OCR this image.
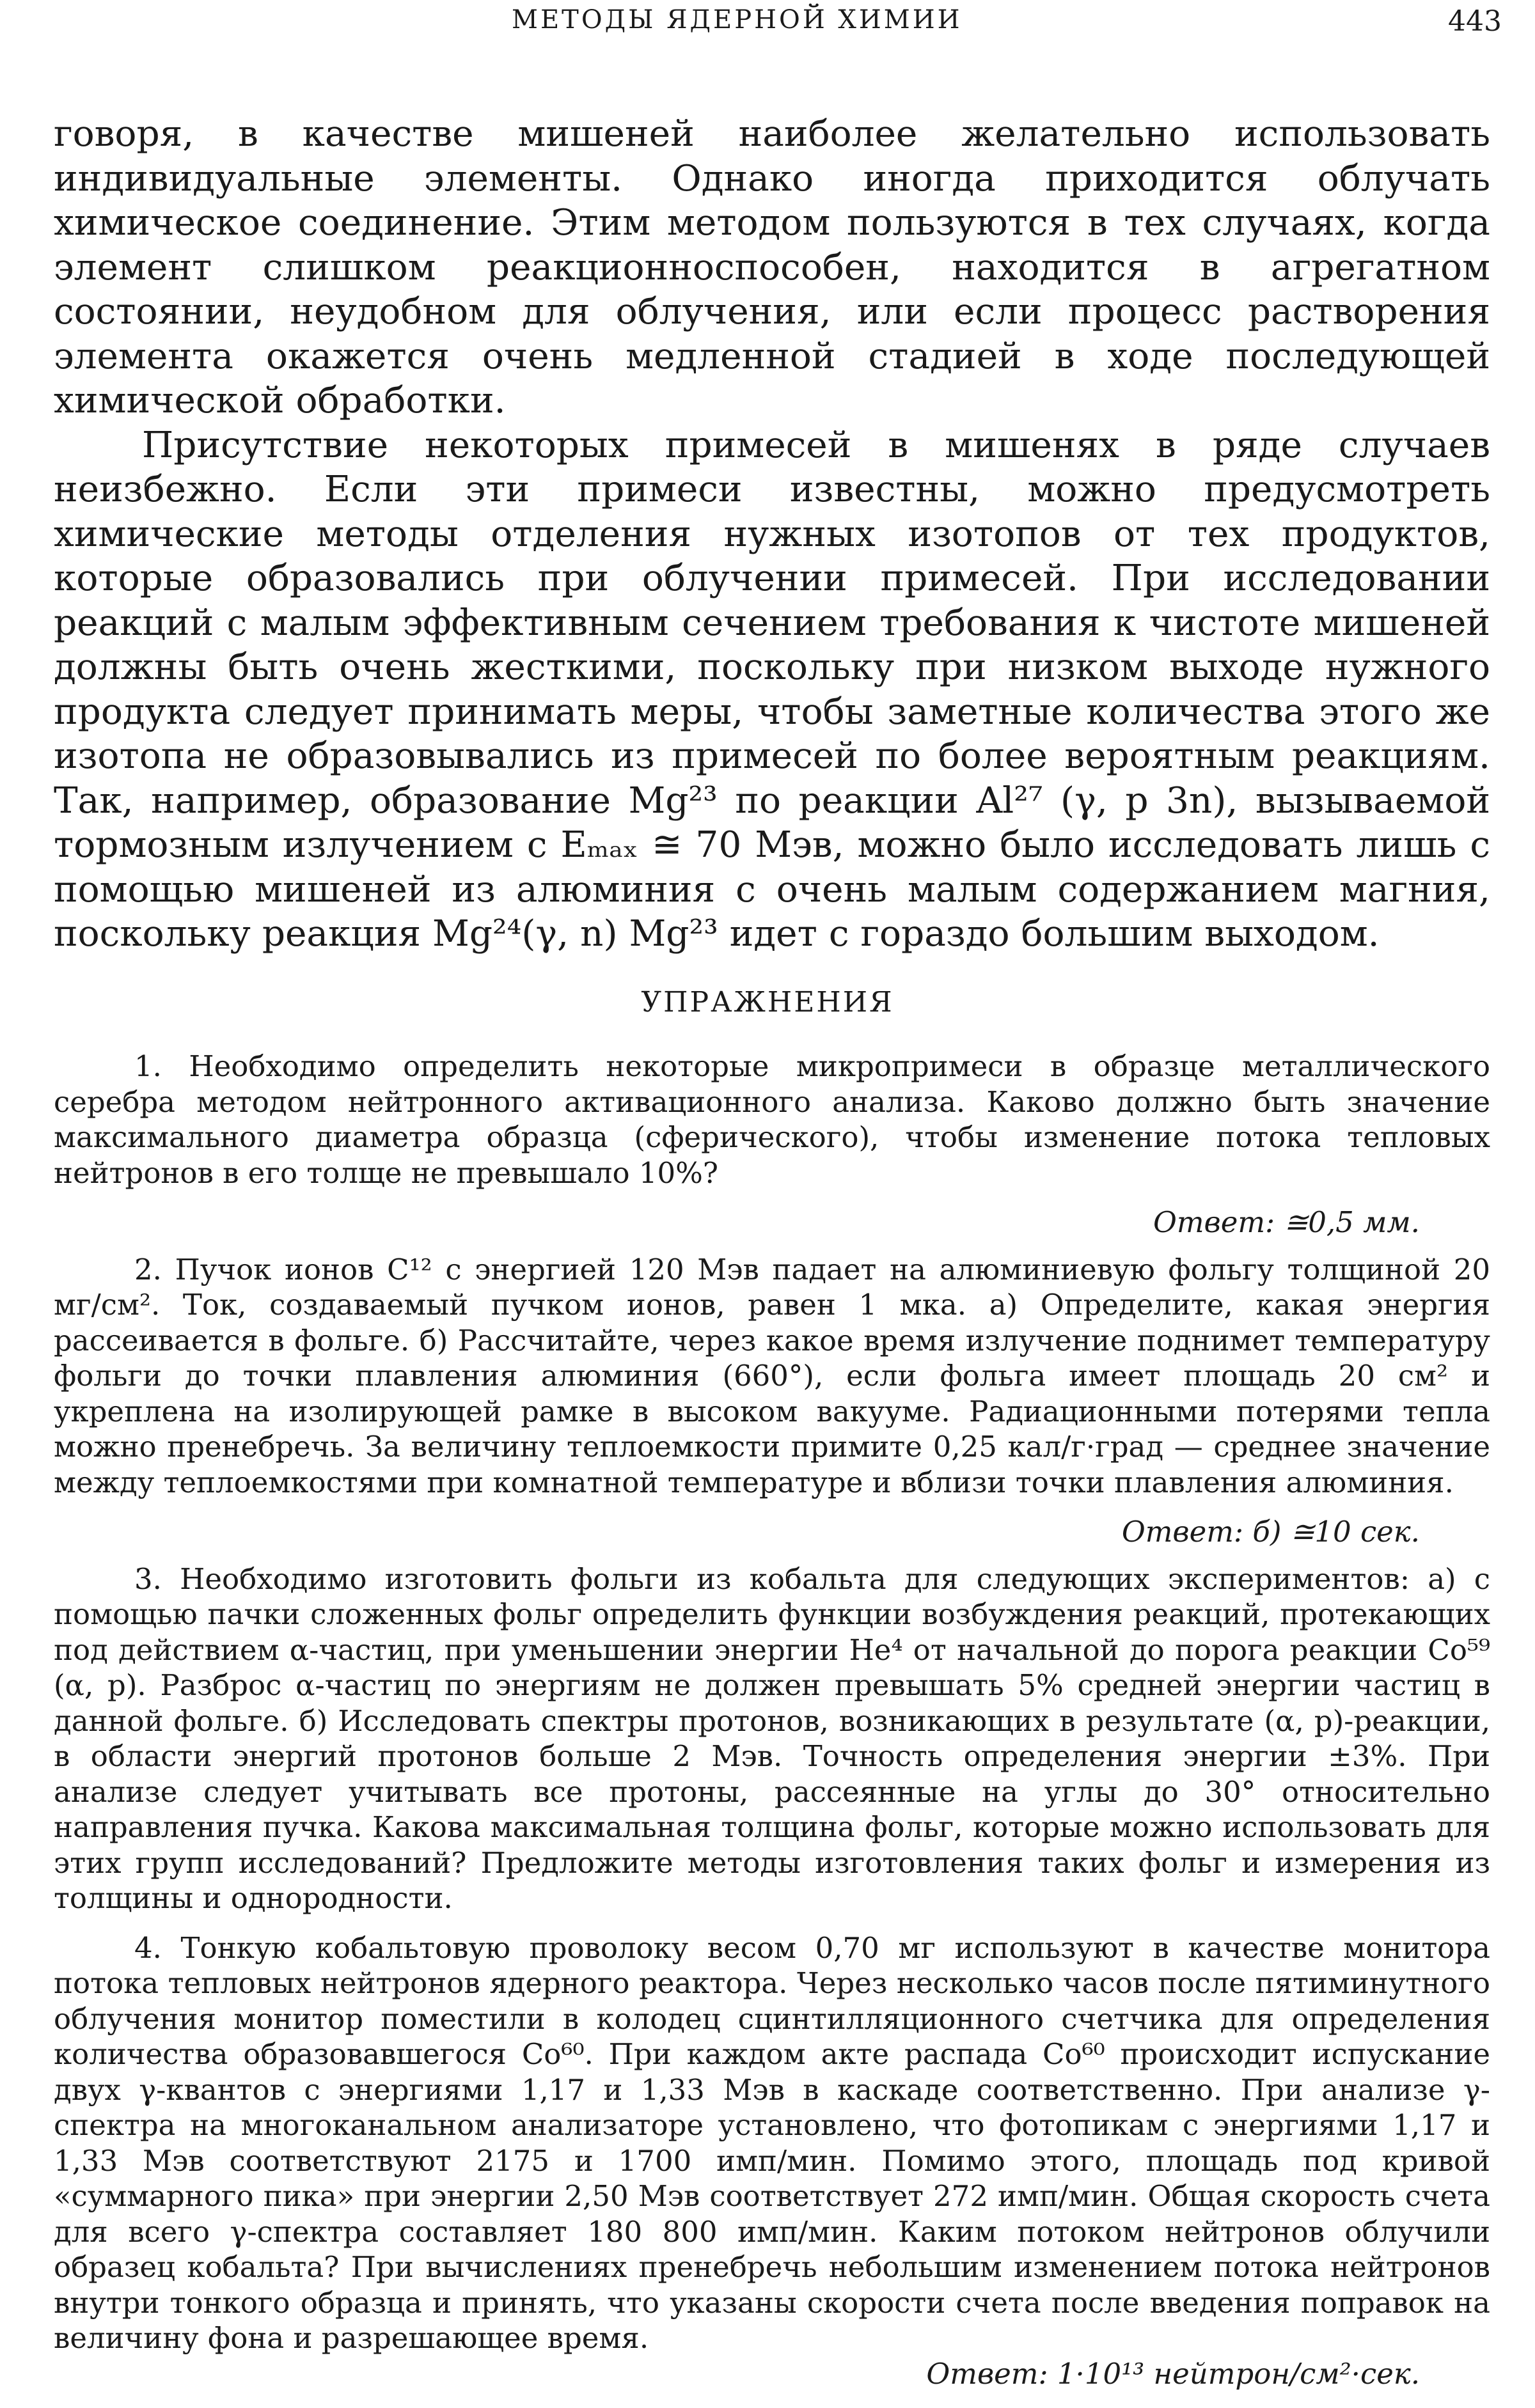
МЕТОДЫ ЯДЕРНОЙ ХИМИИ	443

говоря, в качестве мишеней наиболее желательно использовать индивидуальные элементы. Однако иногда приходится облучать химическое соединение. Этим методом пользуются в тех случаях, когда элемент слишком реакционноспособен, находится в агрегатном состоянии, неудобном для облучения, или если процесс растворения элемента окажется очень медленной стадией в ходе последующей химической обработки.

Присутствие некоторых примесей в мишенях в ряде случаев неизбежно. Если эти примеси известны, можно предусмотреть химические методы отделения нужных изотопов от тех продуктов, которые образовались при облучении примесей. При исследовании реакций с малым эффективным сечением требования к чистоте мишеней должны быть очень жесткими, поскольку при низком выходе нужного продукта следует принимать меры, чтобы заметные количества этого же изотопа не образовывались из примесей по более вероятным реакциям. Так, например, образование Mg²³ по реакции Al²⁷ (γ, p 3n), вызываемой тормозным излучением с Eₘₐₓ ≅ 70 Мэв, можно было исследовать лишь с помощью мишеней из алюминия с очень малым содержанием магния, поскольку реакция Mg²⁴(γ, n) Mg²³ идет с гораздо большим выходом.

УПРАЖНЕНИЯ

1. Необходимо определить некоторые микропримеси в образце металлического серебра методом нейтронного активационного анализа. Каково должно быть значение максимального диаметра образца (сферического), чтобы изменение потока тепловых нейтронов в его толще не превышало 10%?

Ответ: ≅0,5 мм.

2. Пучок ионов C¹² с энергией 120 Мэв падает на алюминиевую фольгу толщиной 20 мг/см². Ток, создаваемый пучком ионов, равен 1 мка. а) Определите, какая энергия рассеивается в фольге. б) Рассчитайте, через какое время излучение поднимет температуру фольги до точки плавления алюминия (660°), если фольга имеет площадь 20 см² и укреплена на изолирующей рамке в высоком вакууме. Радиационными потерями тепла можно пренебречь. За величину теплоемкости примите 0,25 кал/г·град — среднее значение между теплоемкостями при комнатной температуре и вблизи точки плавления алюминия.

Ответ: б) ≅10 сек.

3. Необходимо изготовить фольги из кобальта для следующих экспериментов: а) с помощью пачки сложенных фольг определить функции возбуждения реакций, протекающих под действием α-частиц, при уменьшении энергии He⁴ от начальной до порога реакции Co⁵⁹ (α, p). Разброс α-частиц по энергиям не должен превышать 5% средней энергии частиц в данной фольге. б) Исследовать спектры протонов, возникающих в результате (α, p)-реакции, в области энергий протонов больше 2 Мэв. Точность определения энергии ±3%. При анализе следует учитывать все протоны, рассеянные на углы до 30° относительно направления пучка. Какова максимальная толщина фольг, которые можно использовать для этих групп исследований? Предложите методы изготовления таких фольг и измерения из толщины и однородности.

4. Тонкую кобальтовую проволоку весом 0,70 мг используют в качестве монитора потока тепловых нейтронов ядерного реактора. Через несколько часов после пятиминутного облучения монитор поместили в колодец сцинтилляционного счетчика для определения количества образовавшегося Co⁶⁰. При каждом акте распада Co⁶⁰ происходит испускание двух γ-квантов с энергиями 1,17 и 1,33 Мэв в каскаде соответственно. При анализе γ-спектра на многоканальном анализаторе установлено, что фотопикам с энергиями 1,17 и 1,33 Мэв соответствуют 2175 и 1700 имп/мин. Помимо этого, площадь под кривой «суммарного пика» при энергии 2,50 Мэв соответствует 272 имп/мин. Общая скорость счета для всего γ-спектра составляет 180 800 имп/мин. Каким потоком нейтронов облучили образец кобальта? При вычислениях пренебречь небольшим изменением потока нейтронов внутри тонкого образца и принять, что указаны скорости счета после введения поправок на величину фона и разрешающее время.

Ответ: 1·10¹³ нейтрон/см²·сек.
